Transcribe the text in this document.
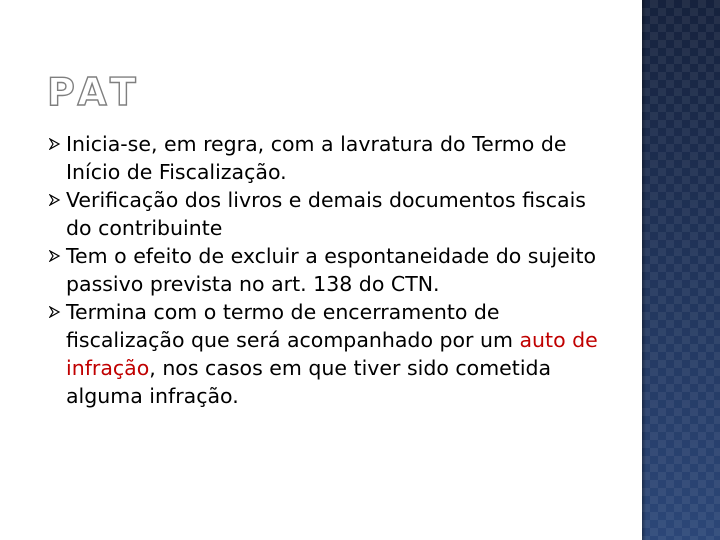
PAT
Inicia-se, em regra, com a lavratura do Termo de Início de Fiscalização.
Verificação dos livros e demais documentos fiscais do contribuinte
Tem o efeito de excluir a espontaneidade do sujeito passivo prevista no art. 138 do CTN.
Termina com o termo de encerramento de fiscalização que será acompanhado por um auto de infração, nos casos em que tiver sido cometida alguma infração.
